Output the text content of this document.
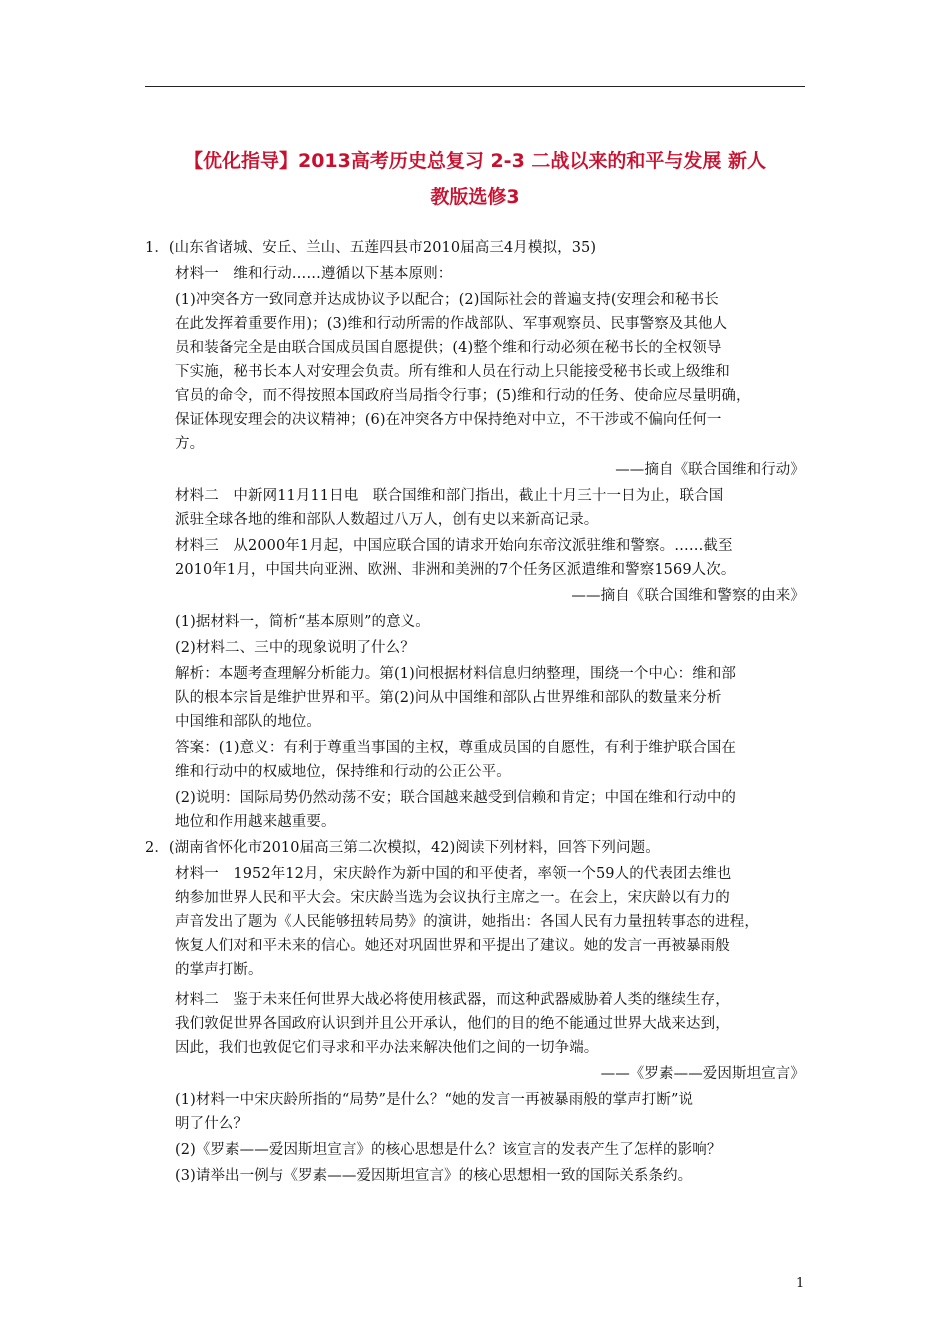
【优化指导】2013高考历史总复习 2-3 二战以来的和平与发展 新人
教版选修3
1．(山东省诸城、安丘、兰山、五莲四县市2010届高三4月模拟，35)
材料一　维和行动……遵循以下基本原则：
(1)冲突各方一致同意并达成协议予以配合；(2)国际社会的普遍支持(安理会和秘书长
在此发挥着重要作用)；(3)维和行动所需的作战部队、军事观察员、民事警察及其他人
员和装备完全是由联合国成员国自愿提供；(4)整个维和行动必须在秘书长的全权领导
下实施，秘书长本人对安理会负责。所有维和人员在行动上只能接受秘书长或上级维和
官员的命令，而不得按照本国政府当局指令行事；(5)维和行动的任务、使命应尽量明确，
保证体现安理会的决议精神；(6)在冲突各方中保持绝对中立，不干涉或不偏向任何一
方。
——摘自《联合国维和行动》
材料二　中新网11月11日电　联合国维和部门指出，截止十月三十一日为止，联合国
派驻全球各地的维和部队人数超过八万人，创有史以来新高记录。
材料三　从2000年1月起，中国应联合国的请求开始向东帝汶派驻维和警察。……截至
2010年1月，中国共向亚洲、欧洲、非洲和美洲的7个任务区派遣维和警察1569人次。
——摘自《联合国维和警察的由来》
(1)据材料一，简析“基本原则”的意义。
(2)材料二、三中的现象说明了什么？
解析：本题考查理解分析能力。第(1)问根据材料信息归纳整理，围绕一个中心：维和部
队的根本宗旨是维护世界和平。第(2)问从中国维和部队占世界维和部队的数量来分析
中国维和部队的地位。
答案：(1)意义：有利于尊重当事国的主权，尊重成员国的自愿性，有利于维护联合国在
维和行动中的权威地位，保持维和行动的公正公平。
(2)说明：国际局势仍然动荡不安；联合国越来越受到信赖和肯定；中国在维和行动中的
地位和作用越来越重要。
2．(湖南省怀化市2010届高三第二次模拟，42)阅读下列材料，回答下列问题。
材料一　1952年12月，宋庆龄作为新中国的和平使者，率领一个59人的代表团去维也
纳参加世界人民和平大会。宋庆龄当选为会议执行主席之一。在会上，宋庆龄以有力的
声音发出了题为《人民能够扭转局势》的演讲，她指出：各国人民有力量扭转事态的进程，
恢复人们对和平未来的信心。她还对巩固世界和平提出了建议。她的发言一再被暴雨般
的掌声打断。
材料二　鉴于未来任何世界大战必将使用核武器，而这种武器威胁着人类的继续生存，
我们敦促世界各国政府认识到并且公开承认，他们的目的绝不能通过世界大战来达到，
因此，我们也敦促它们寻求和平办法来解决他们之间的一切争端。
——《罗素——爱因斯坦宣言》
(1)材料一中宋庆龄所指的“局势”是什么？“她的发言一再被暴雨般的掌声打断”说
明了什么？
(2)《罗素——爱因斯坦宣言》的核心思想是什么？该宣言的发表产生了怎样的影响？
(3)请举出一例与《罗素——爱因斯坦宣言》的核心思想相一致的国际关系条约。
1
